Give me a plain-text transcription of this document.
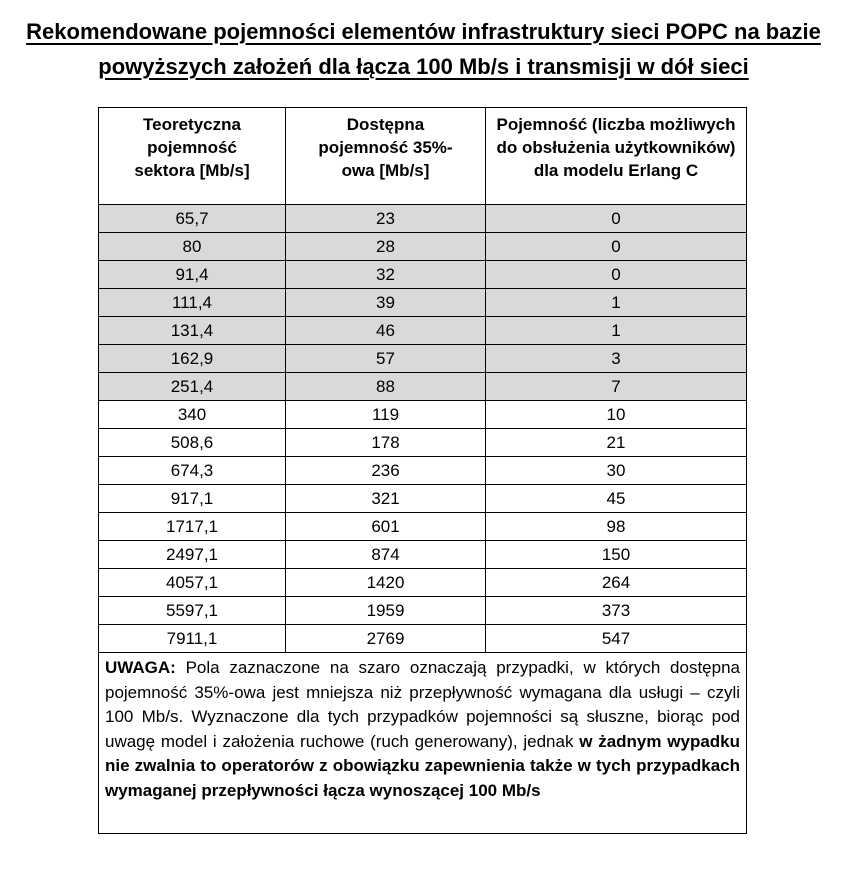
Rekomendowane pojemności elementów infrastruktury sieci POPC na bazie
powyższych założeń dla łącza 100 Mb/s i transmisji w dół sieci
Teoretyczna pojemność sektora [Mb/s]	Dostępna pojemność 35%-owa [Mb/s]	Pojemność (liczba możliwych do obsłużenia użytkowników) dla modelu Erlang C

65,7	23	0
80	28	0
91,4	32	0
111,4	39	1
131,4	46	1
162,9	57	3
251,4	88	7
340	119	10
508,6	178	21
674,3	236	30
917,1	321	45
1717,1	601	98
2497,1	874	150
4057,1	1420	264
5597,1	1959	373
7911,1	2769	547
UWAGA: Pola zaznaczone na szaro oznaczają przypadki, w których dostępna pojemność 35%-owa jest mniejsza niż przepływność wymagana dla usługi – czyli 100 Mb/s. Wyznaczone dla tych przypadków pojemności są słuszne, biorąc pod uwagę model i założenia ruchowe (ruch generowany), jednak w żadnym wypadku nie zwalnia to operatorów z obowiązku zapewnienia także w tych przypadkach wymaganej przepływności łącza wynoszącej 100 Mb/s		
